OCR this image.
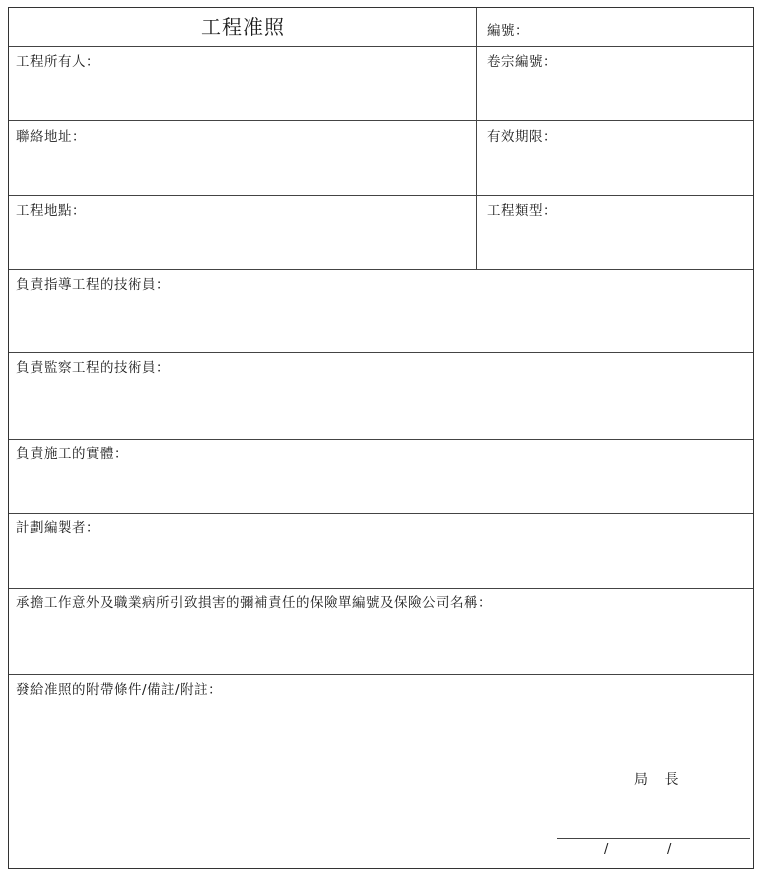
工程准照	編號：
工程所有人：	卷宗編號：
聯絡地址：	有效期限：
工程地點：	工程類型：
負責指導工程的技術員：
負責監察工程的技術員：
負責施工的實體：
計劃編製者：
承擔工作意外及職業病所引致損害的彌補責任的保險單編號及保險公司名稱：
發給准照的附帶條件/備註/附註：
局 長
/	/
